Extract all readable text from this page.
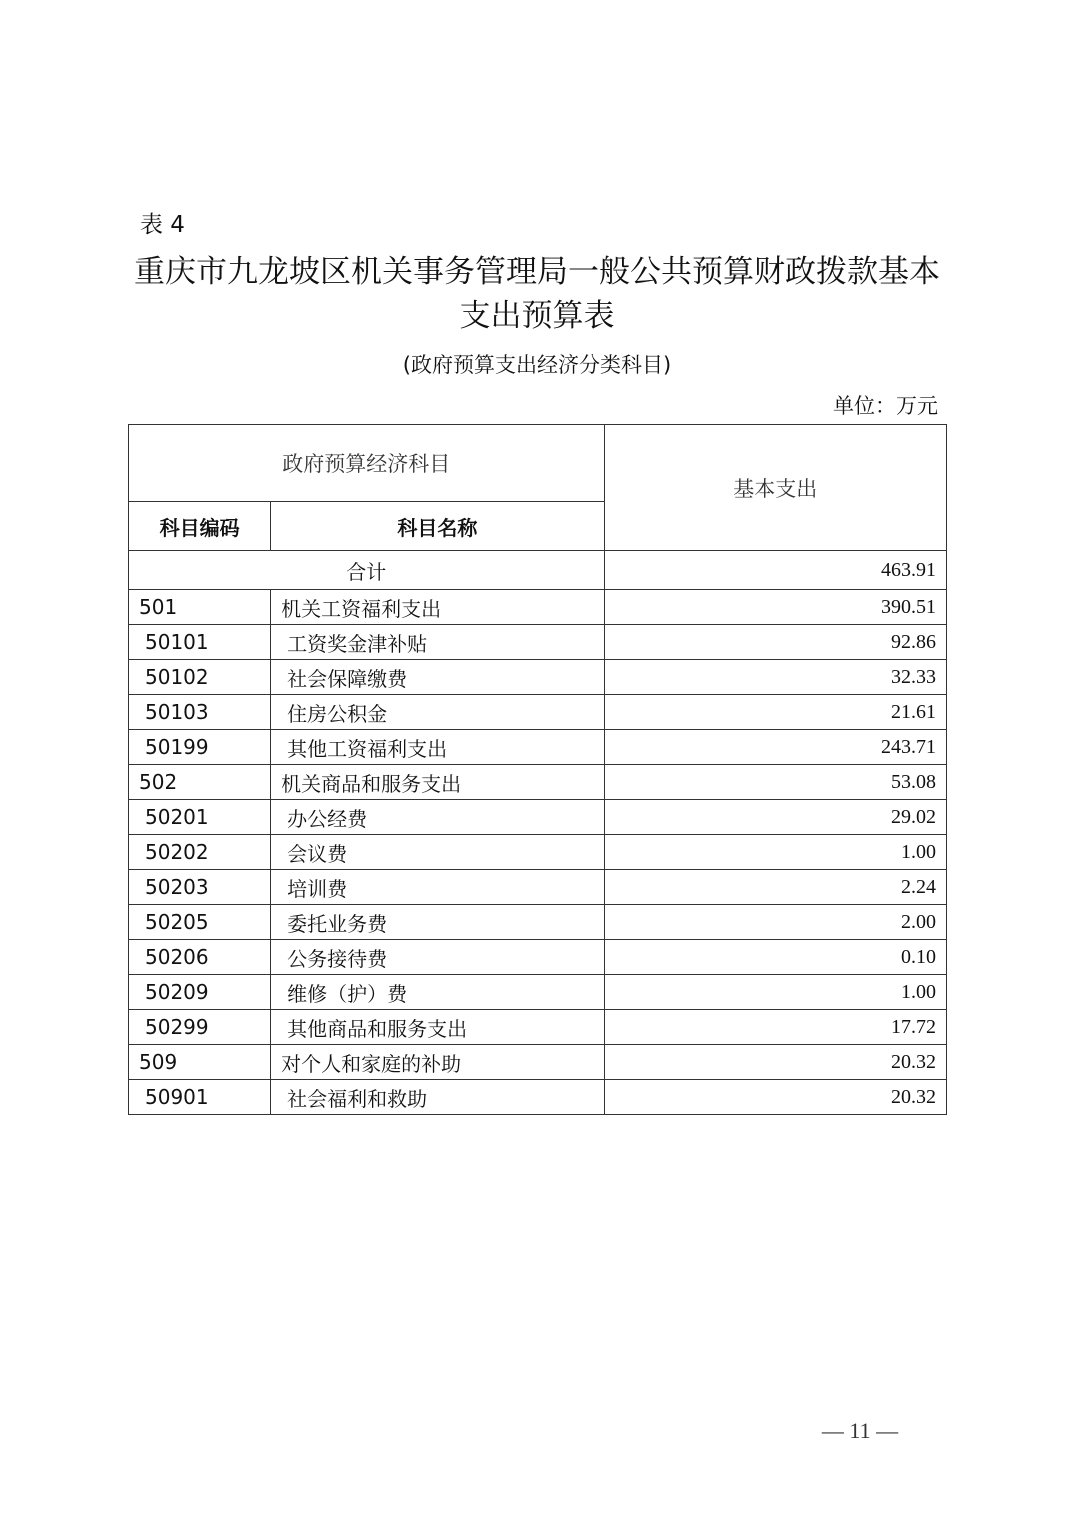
表 4
重庆市九龙坡区机关事务管理局一般公共预算财政拨款基本
支出预算表
(政府预算支出经济分类科目)
单位：万元
政府预算经济科目		基本支出
科目编码	科目名称	
合计		463.91
501	机关工资福利支出	390.51
50101	工资奖金津补贴	92.86
50102	社会保障缴费	32.33
50103	住房公积金	21.61
50199	其他工资福利支出	243.71
502	机关商品和服务支出	53.08
50201	办公经费	29.02
50202	会议费	1.00
50203	培训费	2.24
50205	委托业务费	2.00
50206	公务接待费	0.10
50209	维修（护）费	1.00
50299	其他商品和服务支出	17.72
509	对个人和家庭的补助	20.32
50901	社会福利和救助	20.32
— 11 —
